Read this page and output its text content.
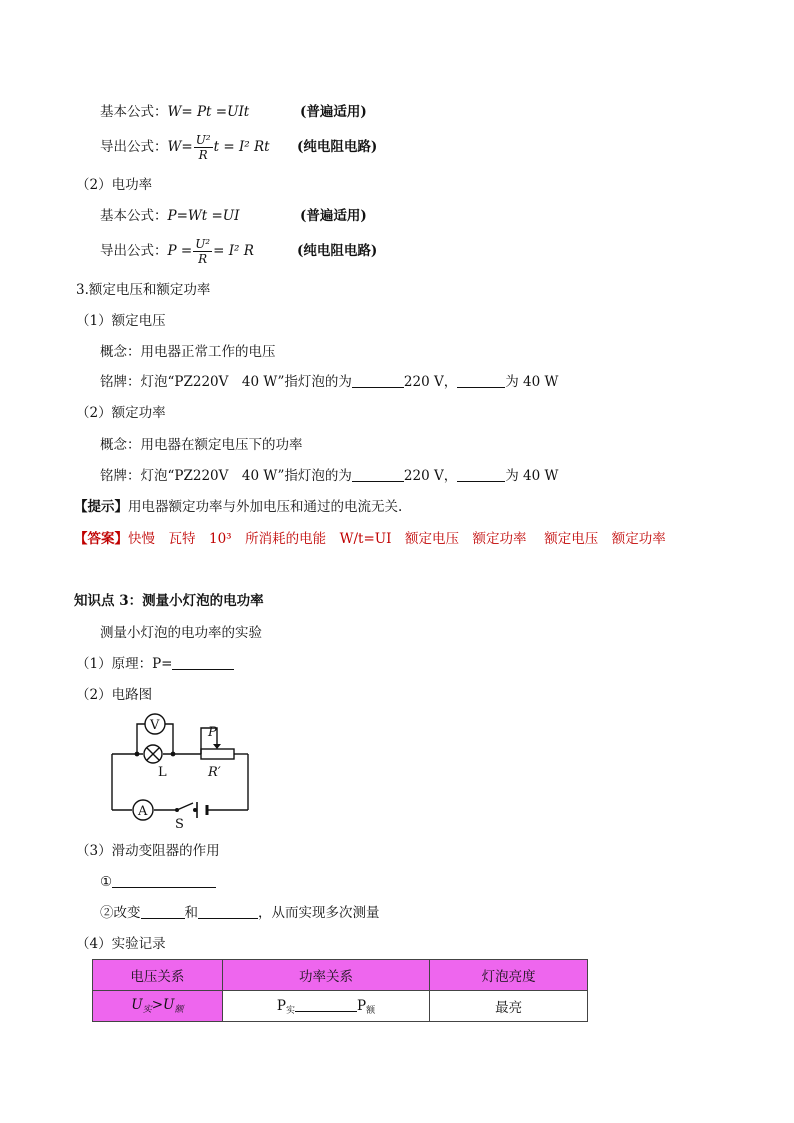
基本公式：W= Pt =UIt	(普遍适用)
导出公式： $W= \frac{\text{U²}}{R}$ t = I² Rt (纯电阻电路)
（2）电功率
基本公式：P=Wt =UI	(普遍适用)
导出公式： $P = \frac{\text{U²}}{R} = I^2$ R	(纯电阻电路)
3.额定电压和额定功率
（1）额定电压
概念：用电器正常工作的电压
铭牌：灯泡“PZ220V　40 W”指灯泡的为	220 V，	为 40 W
（2）额定功率
概念：用电器在额定电压下的功率
铭牌：灯泡“PZ220V　40 W”指灯泡的为	220 V，	为 40 W
【提示】用电器额定功率与外加电压和通过的电流无关.
【答案】快慢　瓦特　10³　所消耗的电能　W/t=UI　额定电压　额定功率　 额定电压　额定功率
知识点 3：测量小灯泡的电功率
测量小灯泡的电功率的实验
（1）原理：P=
（2）电路图
V
L
P
R′
A
S
（3）滑动变阻器的作用
①
②改变	和	，从而实现多次测量
（4）实验记录
电压关系	功率关系	灯泡亮度
$U_实>U_额$	$P_实$ $P_额$	最亮
